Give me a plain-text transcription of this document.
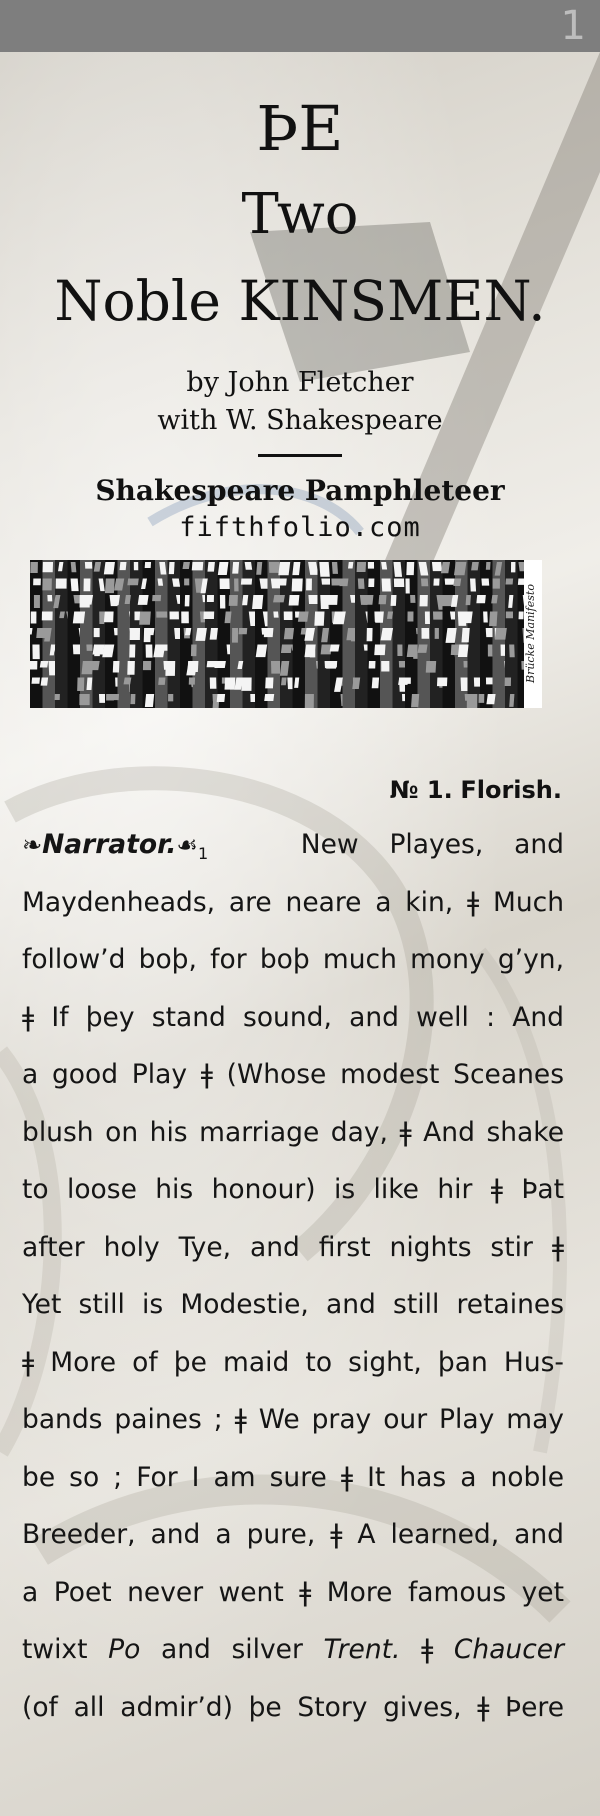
1
ÞE
Two
Noble KINSMEN.
by John Fletcher
with W. Shakespeare
Shakespeare Pamphleteer
fifthfolio.com
Brücke Manifesto
№ 1. Florish.
$❧Narrator.☙_1$	New Playes, and
Maydenheads, are neare a kin, ǂ Much
follow’d boþ, for boþ much mony g’yn,
ǂ If þey stand sound, and well : And
a good Play ǂ (Whose modest Sceanes
blush on his marriage day, ǂ And shake
to loose his honour) is like hir ǂ Þat
after holy Tye, and first nights stir ǂ
Yet still is Modestie, and still retaines
ǂ More of þe maid to sight, þan Hus-
bands paines ; ǂ We pray our Play may
be so ; For I am sure ǂ It has a noble
Breeder, and a pure, ǂ A learned, and
a Poet never went ǂ More famous yet
twixt Po and silver Trent. ǂ Chaucer
(of all admir’d) þe Story gives, ǂ Þere
